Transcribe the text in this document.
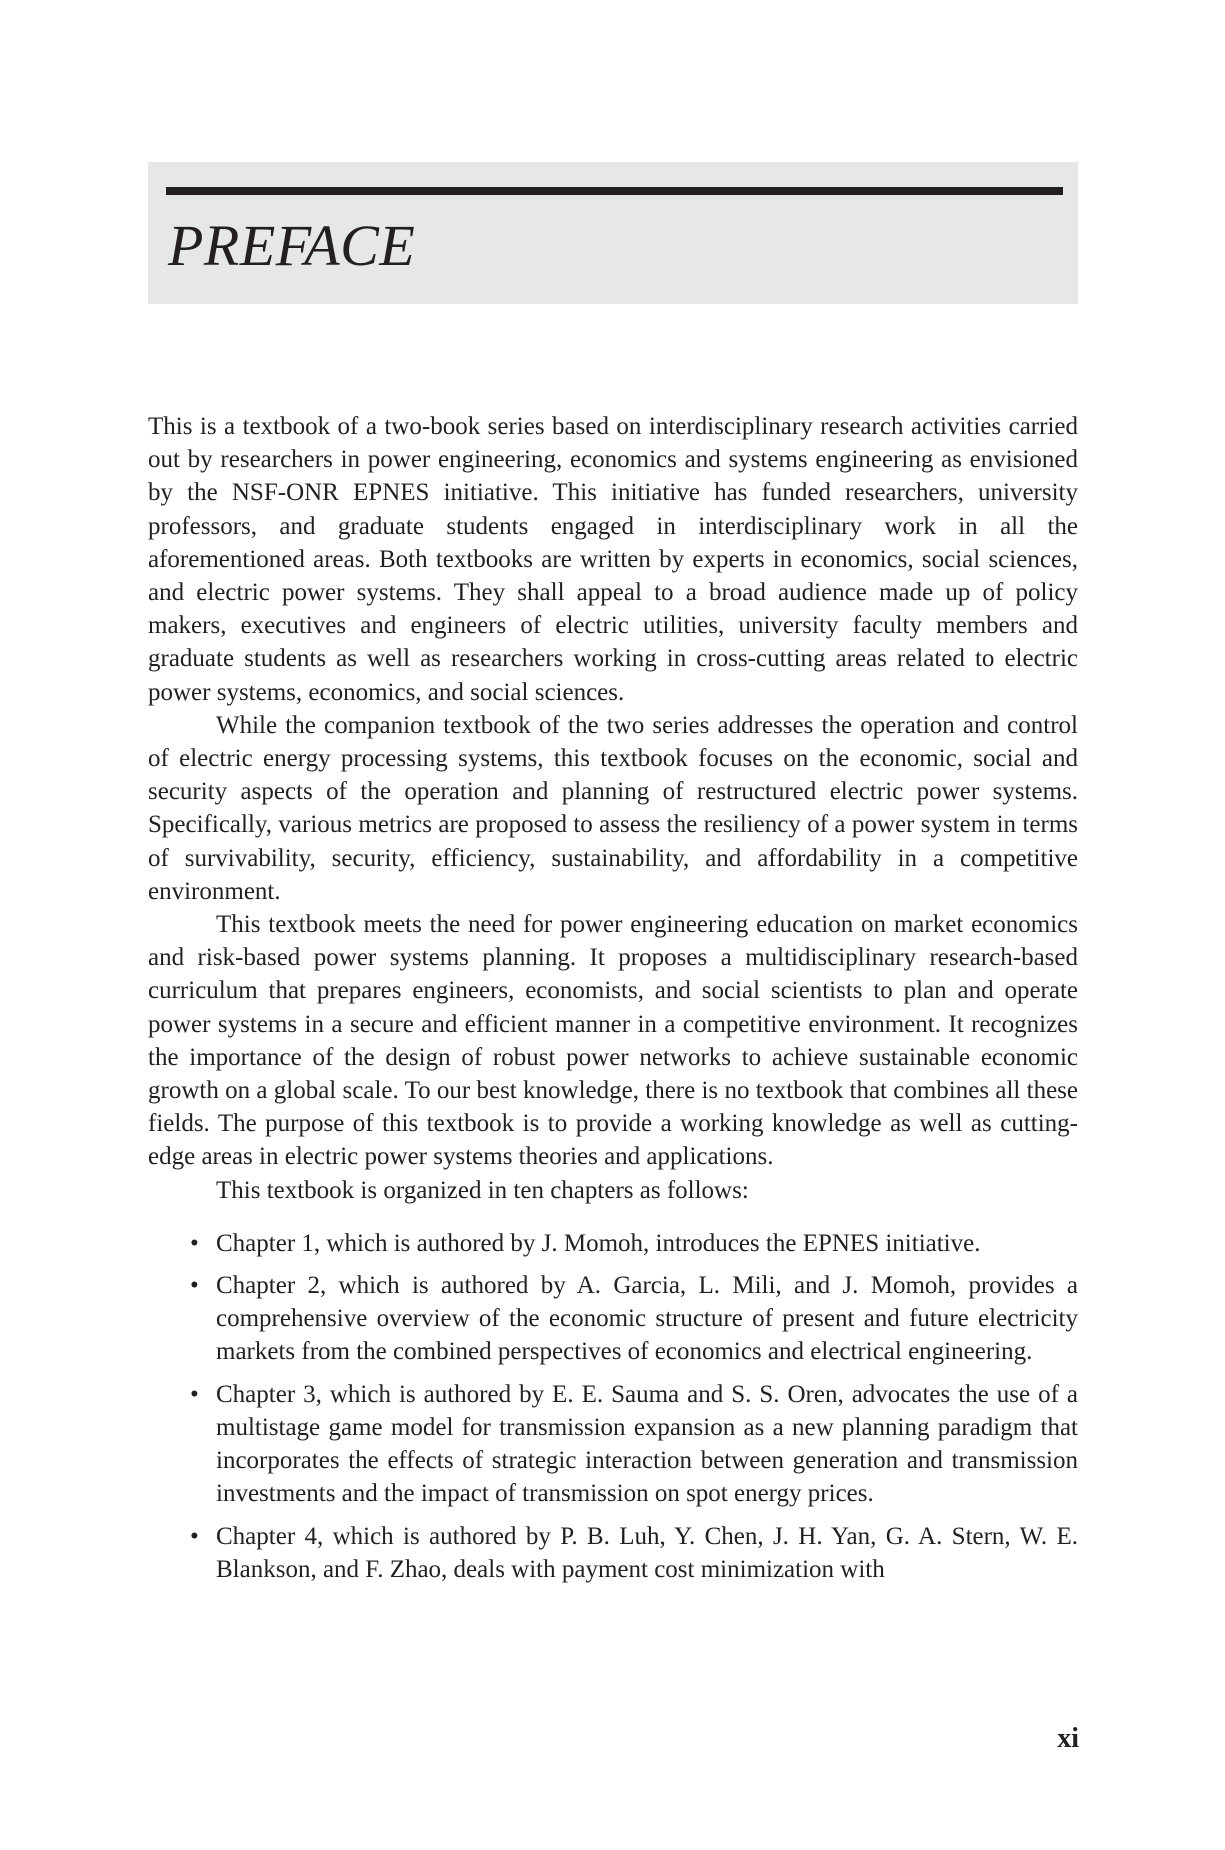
PREFACE

This is a textbook of a two-book series based on interdisciplinary research activities carried out by researchers in power engineering, economics and systems engineering as envisioned by the NSF-ONR EPNES initiative. This initiative has funded researchers, university professors, and graduate students engaged in interdisciplinary work in all the aforementioned areas. Both textbooks are written by experts in economics, social sciences, and electric power systems. They shall appeal to a broad audience made up of policy makers, executives and engineers of electric utilities, university faculty members and graduate students as well as researchers working in cross-cutting areas related to electric power systems, economics, and social sciences.

While the companion textbook of the two series addresses the operation and control of electric energy processing systems, this textbook focuses on the economic, social and security aspects of the operation and planning of restructured electric power systems. Specifically, various metrics are proposed to assess the resiliency of a power system in terms of survivability, security, efficiency, sustainability, and affordability in a competitive environment.

This textbook meets the need for power engineering education on market economics and risk-based power systems planning. It proposes a multidisciplinary research-based curriculum that prepares engineers, economists, and social scientists to plan and operate power systems in a secure and efficient manner in a competitive environment. It recognizes the importance of the design of robust power networks to achieve sustainable economic growth on a global scale. To our best knowledge, there is no textbook that combines all these fields. The purpose of this textbook is to provide a working knowledge as well as cutting-edge areas in electric power systems theories and applications.

This textbook is organized in ten chapters as follows:

• Chapter 1, which is authored by J. Momoh, introduces the EPNES initiative.
• Chapter 2, which is authored by A. Garcia, L. Mili, and J. Momoh, provides a comprehensive overview of the economic structure of present and future electricity markets from the combined perspectives of economics and electrical engineering.
• Chapter 3, which is authored by E. E. Sauma and S. S. Oren, advocates the use of a multistage game model for transmission expansion as a new planning paradigm that incorporates the effects of strategic interaction between generation and transmission investments and the impact of transmission on spot energy prices.
• Chapter 4, which is authored by P. B. Luh, Y. Chen, J. H. Yan, G. A. Stern, W. E. Blankson, and F. Zhao, deals with payment cost minimization with
xi
